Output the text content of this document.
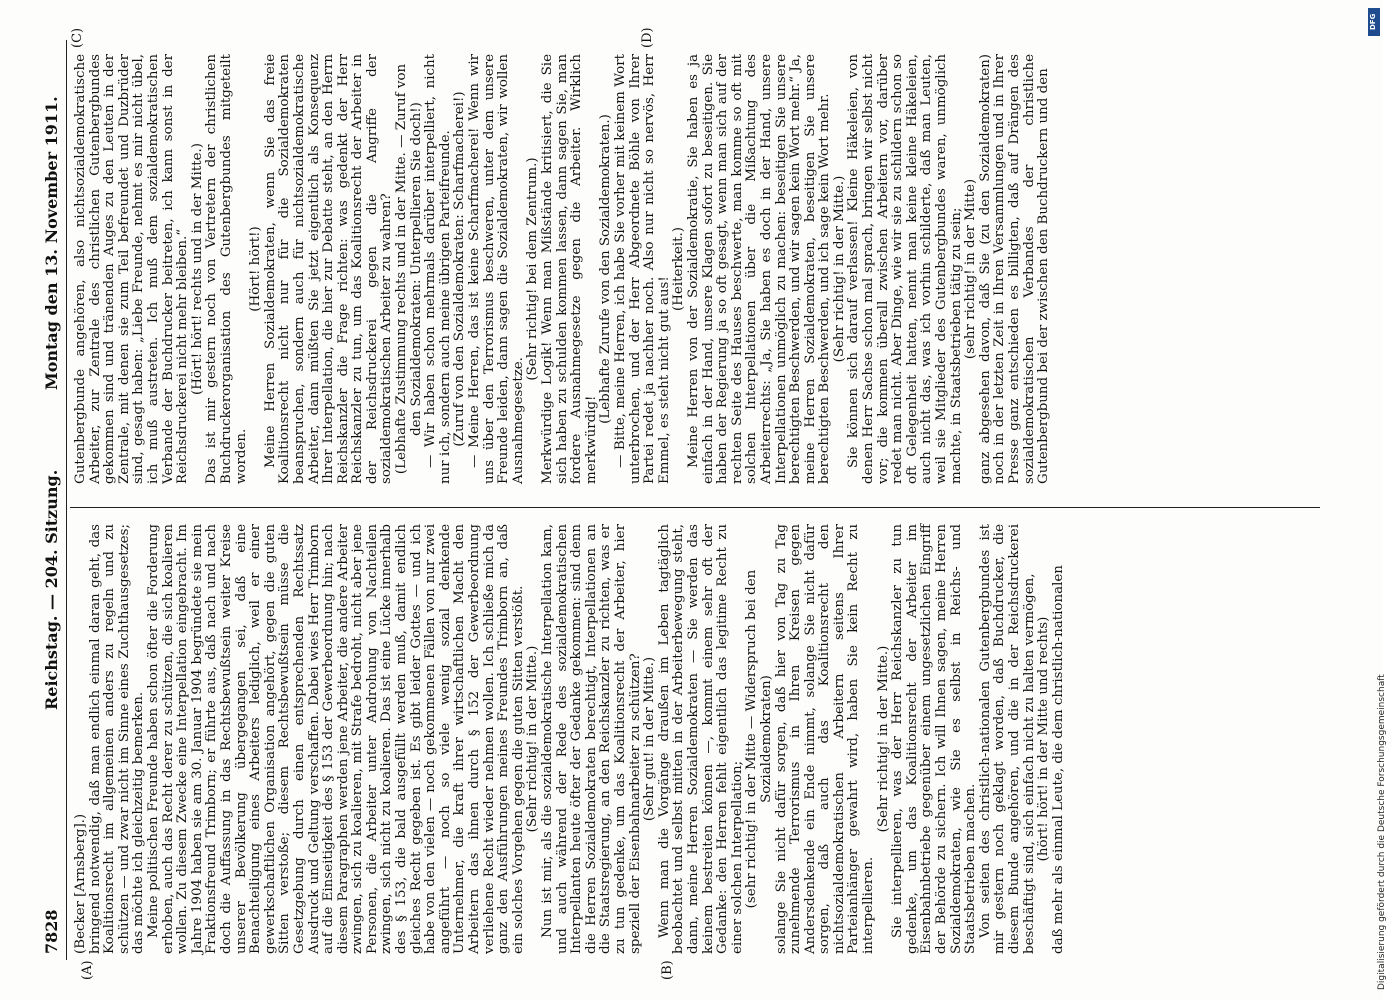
7828
Reichstag. — 204. Sitzung.
Montag den 13. November 1911.
(A)	(B)
(C)	(D)

(Becker [Arnsberg].) bringend notwendig, daß man endlich einmal daran geht, das Koalitionsrecht im allgemeinen anders zu regeln und zu schützen — und zwar nicht im Sinne eines Zuchthausgesetzes; das möchte ich gleichzeitig bemerken. Meine politischen Freunde haben schon öfter die Forderung erhoben, auch das Recht derer zu schützen, die sich koalieren wollen. Zu diesem Zwecke eine Interpellation eingebracht. Im Jahre 1904 haben sie am 30. Januar 1904 begründete sie mein Fraktionsfreund Trimborn; er führte aus, daß nach und nach doch die Auffassung in das Rechtsbewußtsein weiter Kreise unserer Bevölkerung übergegangen sei, daß eine Benachteiligung eines Arbeiters lediglich, weil er einer gewerkschaftlichen Organisation angehört, gegen die guten Sitten verstoße; diesem Rechtsbewußtsein müsse die Gesetzgebung durch einen entsprechenden Rechtssatz Ausdruck und Geltung verschaffen. Dabei wies Herr Trimborn auf die Einseitigkeit des § 153 der Gewerbeordnung hin; nach diesem Paragraphen werden jene Arbeiter, die andere Arbeiter zwingen, sich zu koalieren, mit Strafe bedroht, nicht aber jene Personen, die Arbeiter unter Androhung von Nachteilen zwingen, sich nicht zu koalieren. Das ist eine Lücke innerhalb des § 153, die bald ausgefüllt werden muß, damit endlich gleiches Recht gegeben ist. Es gibt leider Gottes — und ich habe von den vielen — noch gekommenen Fällen von nur zwei angeführt — noch so viele wenig sozial denkende Unternehmer, die kraft ihrer wirtschaftlichen Macht den Arbeitern das ihnen durch § 152 der Gewerbeordnung verliehene Recht wieder nehmen wollen. Ich schließe mich da ganz den Ausführungen meines Freundes Trimborn an, daß ein solches Vorgehen gegen die guten Sitten verstößt. (Sehr richtig! in der Mitte.) Nun ist mir, als die sozialdemokratische Interpellation kam, und auch während der Rede des sozialdemokratischen Interpellanten heute öfter der Gedanke gekommen: sind denn die Herren Sozialdemokraten berechtigt, Interpellationen an die Staatsregierung, an den Reichskanzler zu richten, was er zu tun gedenke, um das Koalitionsrecht der Arbeiter, hier speziell der Eisenbahnarbeiter zu schützen? (Sehr gut! in der Mitte.) Wenn man die Vorgänge draußen im Leben tagtäglich beobachtet und selbst mitten in der Arbeiterbewegung steht, dann, meine Herren Sozialdemokraten — Sie werden das keinem bestreiten können —, kommt einem sehr oft der Gedanke: den Herren fehlt eigentlich das legitime Recht zu einer solchen Interpellation; (sehr richtig! in der Mitte — Widerspruch bei den Sozialdemokraten) solange Sie nicht dafür sorgen, daß hier von Tag zu Tag zunehmende Terrorismus in Ihren Kreisen gegen Andersdenkende ein Ende nimmt, solange Sie nicht dafür sorgen, daß auch das Koalitionsrecht den nichtsozialdemokratischen Arbeitern seitens Ihrer Parteianhänger gewahrt wird, haben Sie kein Recht zu interpellieren.

(Sehr richtig! in der Mitte.) Sie interpellieren, was der Herr Reichskanzler zu tun gedenke, um das Koalitionsrecht der Arbeiter im Eisenbahnbetriebe gegenüber einem ungesetzlichen Eingriff der Behörde zu sichern. Ich will Ihnen sagen, meine Herren Sozialdemokraten, wie Sie es selbst in Reichs- und Staatsbetrieben machen. Von seiten des christlich-nationalen Gutenbergbundes ist mir gestern noch geklagt worden, daß Buchdrucker, die diesem Bunde angehören, und die in der Reichsdruckerei beschäftigt sind, sich einfach nicht zu halten vermögen, (hört! hört! in der Mitte und rechts) daß mehr als einmal Leute, die dem christlich-nationalen

Gutenbergbunde angehören, also nichtsozialdemokratische Arbeiter, zur Zentrale des christlichen Gutenbergbundes gekommen sind und tränenden Auges zu den Leuten in der Zentrale, mit denen sie zum Teil befreundet und Duzbrüder sind, gesagt haben: „Liebe Freunde, nehmt es mir nicht übel, ich muß austreten. Ich muß dem sozialdemokratischen Verbande der Buchdrucker beitreten, ich kann sonst in der Reichsdruckerei nicht mehr bleiben.“ (Hört! hört! rechts und in der Mitte.) Das ist mir gestern noch von Vertretern der christlichen Buchdruckerorganisation des Gutenbergbundes mitgeteilt worden.

(Hört! hört!) Meine Herren Sozialdemokraten, wenn Sie das freie Koalitionsrecht nicht nur für die Sozialdemokraten beanspruchen, sondern auch für nichtsozialdemokratische Arbeiter, dann müßten Sie jetzt eigentlich als Konsequenz Ihrer Interpellation, die hier zur Debatte steht, an den Herrn Reichskanzler die Frage richten: was gedenkt der Herr Reichskanzler zu tun, um das Koalitionsrecht der Arbeiter in der Reichsdruckerei gegen die Angriffe der sozialdemokratischen Arbeiter zu wahren? (Lebhafte Zustimmung rechts und in der Mitte. — Zuruf von den Sozialdemokraten: Unterpellieren Sie doch!) — Wir haben schon mehrmals darüber interpelliert, nicht nur ich, sondern auch meine übrigen Parteifreunde. (Zuruf von den Sozialdemokraten: Scharfmacherei!) — Meine Herren, das ist keine Scharfmacherei! Wenn wir uns über den Terrorismus beschweren, unter dem unsere Freunde leiden, dann sagen die Sozialdemokraten, wir wollen Ausnahmegesetze.

(Sehr richtig! bei dem Zentrum.) Merkwürdige Logik! Wenn man Mißstände kritisiert, die Sie sich haben zu schulden kommen lassen, dann sagen Sie, man fordere Ausnahmegesetze gegen die Arbeiter. Wirklich merkwürdig!

(Lebhafte Zurufe von den Sozialdemokraten.) — Bitte, meine Herren, ich habe Sie vorher mit keinem Wort unterbrochen, und der Herr Abgeordnete Böhle von Ihrer Partei redet ja nachher noch. Also nur nicht so nervös, Herr Emmel, es steht nicht gut aus!

(Heiterkeit.) Meine Herren von der Sozialdemokratie, Sie haben es ja einfach in der Hand, unsere Klagen sofort zu beseitigen. Sie haben der Regierung ja so oft gesagt, wenn man sich auf der rechten Seite des Hauses beschwerte, man komme so oft mit solchen Interpellationen über die Mißachtung des Arbeiterrechts: „Ja, Sie haben es doch in der Hand, unsere Interpellationen unmöglich zu machen: beseitigen Sie unsere berechtigten Beschwerden, und wir sagen kein Wort mehr.“ Ja, meine Herren Sozialdemokraten, beseitigen Sie unsere berechtigten Beschwerden, und ich sage kein Wort mehr. (Sehr richtig! in der Mitte.) Sie können sich darauf verlassen! Kleine Häkeleien, von denen Herr Sachse schon mal sprach, bringen wir selbst nicht vor; die kommen überall zwischen Arbeitern vor, darüber redet man nicht. Aber Dinge, wie wir sie zu schildern schon so oft Gelegenheit hatten, nennt man keine kleine Häkeleien, auch nicht das, was ich vorhin schilderte, daß man Leuten, weil sie Mitglieder des Gutenbergbundes waren, unmöglich machte, in Staatsbetrieben tätig zu sein; (sehr richtig! in der Mitte) ganz abgesehen davon, daß Sie (zu den Sozialdemokraten) noch in der letzten Zeit in Ihren Versammlungen und in Ihrer Presse ganz entschieden es billigten, daß auf Drängen des sozialdemokratischen Verbandes der christliche Gutenbergbund bei der zwischen den Buchdruckern und den

DFG
Digitalisierung gefördert durch die Deutsche Forschungsgemeinschaft
